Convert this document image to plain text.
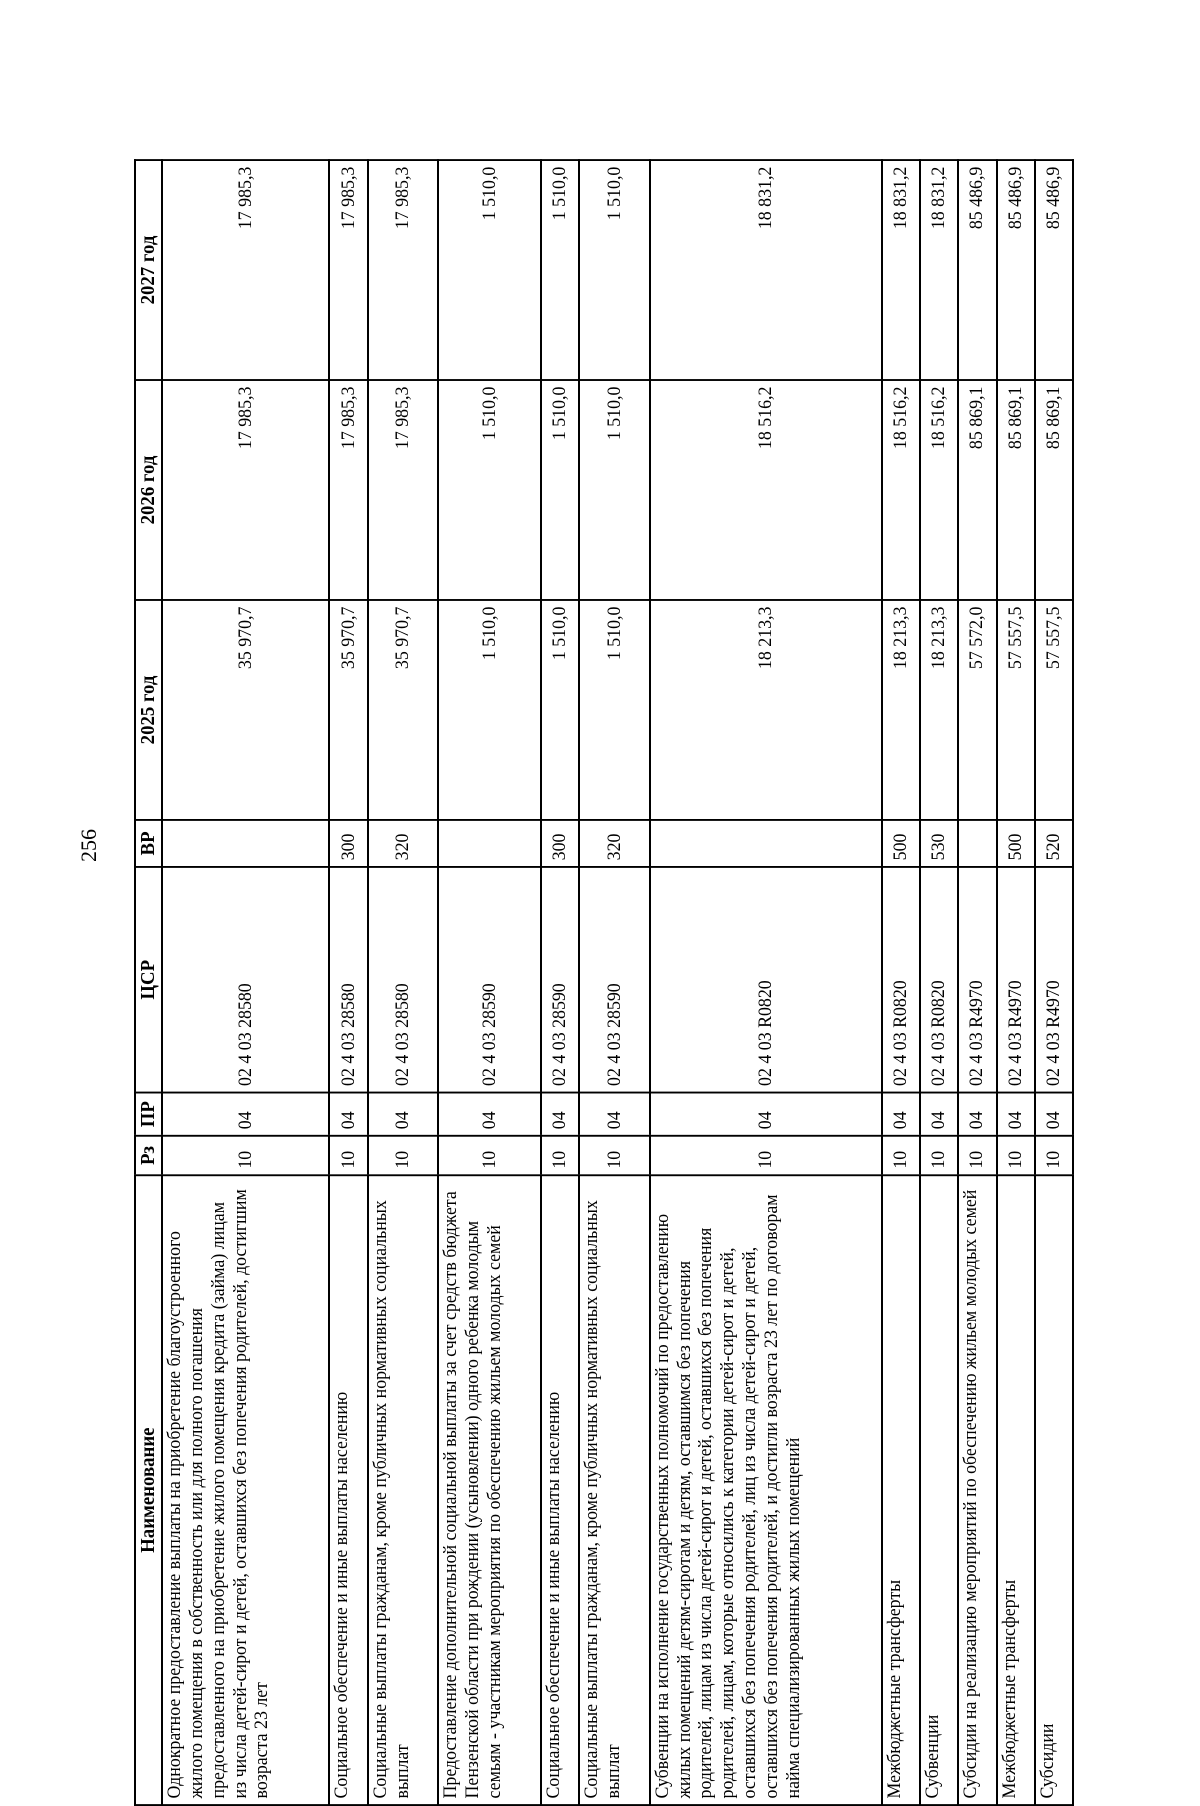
256
Наименование	Рз	ПР	ЦСР	ВР	2025 год	2026 год	2027 год
Однократное предоставление выплаты на приобретение благоустроенного жилого помещения в собственность или для полного погашения предоставленного на приобретение жилого помещения кредита (займа) лицам из числа детей-сирот и детей, оставшихся без попечения родителей, достигшим возраста 23 лет	10	04	02 4 03 28580		35 970,7	17 985,3	17 985,3
Социальное обеспечение и иные выплаты населению	10	04	02 4 03 28580	300	35 970,7	17 985,3	17 985,3
Социальные выплаты гражданам, кроме публичных нормативных социальных выплат	10	04	02 4 03 28580	320	35 970,7	17 985,3	17 985,3
Предоставление дополнительной социальной выплаты за счет средств бюджета Пензенской области при рождении (усыновлении) одного ребенка молодым семьям - участникам мероприятия по обеспечению жильем молодых семей	10	04	02 4 03 28590		1 510,0	1 510,0	1 510,0
Социальное обеспечение и иные выплаты населению	10	04	02 4 03 28590	300	1 510,0	1 510,0	1 510,0
Социальные выплаты гражданам, кроме публичных нормативных социальных выплат	10	04	02 4 03 28590	320	1 510,0	1 510,0	1 510,0
Субвенции на исполнение государственных полномочий по предоставлению жилых помещений детям-сиротам и детям, оставшимся без попечения родителей, лицам из числа детей-сирот и детей, оставшихся без попечения родителей, лицам, которые относились к категории детей-сирот и детей, оставшихся без попечения родителей, лиц из числа детей-сирот и детей, оставшихся без попечения родителей, и достигли возраста 23 лет по договорам найма специализированных жилых помещений	10	04	02 4 03 R0820		18 213,3	18 516,2	18 831,2
Межбюджетные трансферты	10	04	02 4 03 R0820	500	18 213,3	18 516,2	18 831,2
Субвенции	10	04	02 4 03 R0820	530	18 213,3	18 516,2	18 831,2
Субсидии на реализацию мероприятий по обеспечению жильем молодых семей	10	04	02 4 03 R4970		57 572,0	85 869,1	85 486,9
Межбюджетные трансферты	10	04	02 4 03 R4970	500	57 557,5	85 869,1	85 486,9
Субсидии	10	04	02 4 03 R4970	520	57 557,5	85 869,1	85 486,9
